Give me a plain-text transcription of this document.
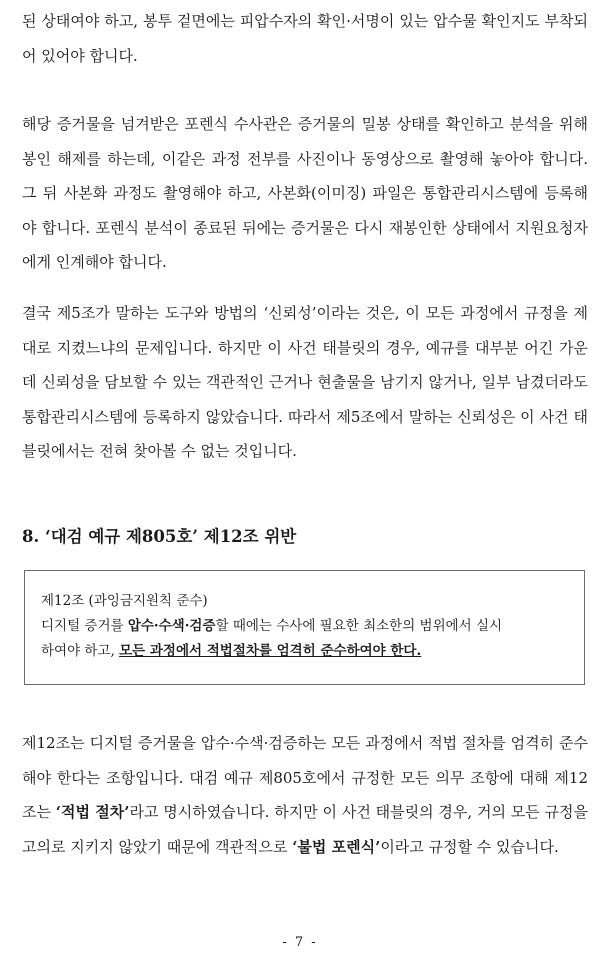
된 상태여야 하고, 봉투 겉면에는 피압수자의 확인·서명이 있는 압수물 확인지도 부착되어 있어야 합니다.

해당 증거물을 넘겨받은 포렌식 수사관은 증거물의 밀봉 상태를 확인하고 분석을 위해 봉인 해제를 하는데, 이같은 과정 전부를 사진이나 동영상으로 촬영해 놓아야 합니다. 그 뒤 사본화 과정도 촬영해야 하고, 사본화(이미징) 파일은 통합관리시스템에 등록해야 합니다. 포렌식 분석이 종료된 뒤에는 증거물은 다시 재봉인한 상태에서 지원요청자에게 인계해야 합니다.

결국 제5조가 말하는 도구와 방법의 ‘신뢰성’이라는 것은, 이 모든 과정에서 규정을 제대로 지켰느냐의 문제입니다. 하지만 이 사건 태블릿의 경우, 예규를 대부분 어긴 가운데 신뢰성을 담보할 수 있는 객관적인 근거나 현출물을 남기지 않거나, 일부 남겼더라도 통합관리시스템에 등록하지 않았습니다. 따라서 제5조에서 말하는 신뢰성은 이 사건 태블릿에서는 전혀 찾아볼 수 없는 것입니다.

8. ‘대검 예규 제805호’ 제12조 위반

제12조 (과잉금지원칙 준수)

디지털 증거를 압수·수색·검증할 때에는 수사에 필요한 최소한의 범위에서 실시

하여야 하고, 모든 과정에서 적법절차를 엄격히 준수하여야 한다.

제12조는 디지털 증거물을 압수·수색·검증하는 모든 과정에서 적법 절차를 엄격히 준수해야 한다는 조항입니다. 대검 예규 제805호에서 규정한 모든 의무 조항에 대해 제12조는 ‘적법 절차’라고 명시하였습니다. 하지만 이 사건 태블릿의 경우, 거의 모든 규정을 고의로 지키지 않았기 때문에 객관적으로 ‘불법 포렌식’이라고 규정할 수 있습니다.

- 7 -
